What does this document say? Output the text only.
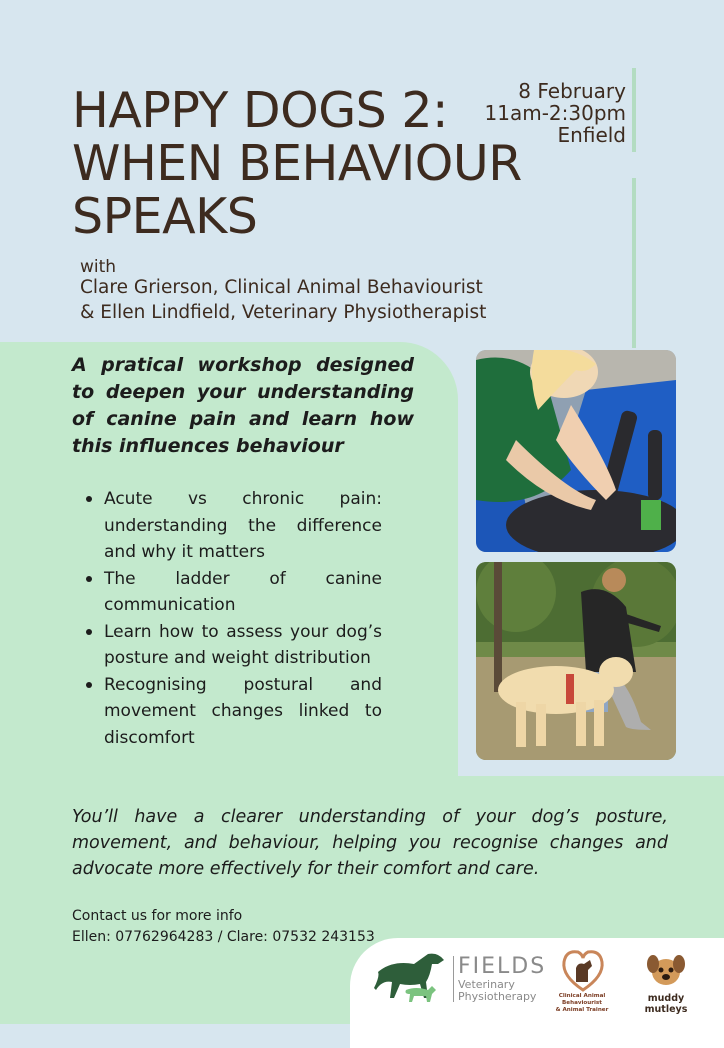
HAPPY DOGS 2:
WHEN BEHAVIOUR
SPEAKS
8 February
11am-2:30pm
Enfield
with
Clare Grierson, Clinical Animal Behaviourist
& Ellen Lindfield, Veterinary Physiotherapist

A pratical workshop designed to deepen your understanding of canine pain and learn how this influences behaviour

Acute vs chronic pain: understanding the difference and why it matters
The ladder of canine communication
Learn how to assess your dog’s posture and weight distribution
Recognising postural and movement changes linked to discomfort

You’ll have a clearer understanding of your dog’s posture, movement, and behaviour, helping you recognise changes and advocate more effectively for their comfort and care.

Contact us for more info
Ellen: 07762964283 / Clare: 07532 243153
FIELDS
Veterinary
Physiotherapy	Clinical Animal Behaviourist
& Animal Trainer
muddy mutleys
